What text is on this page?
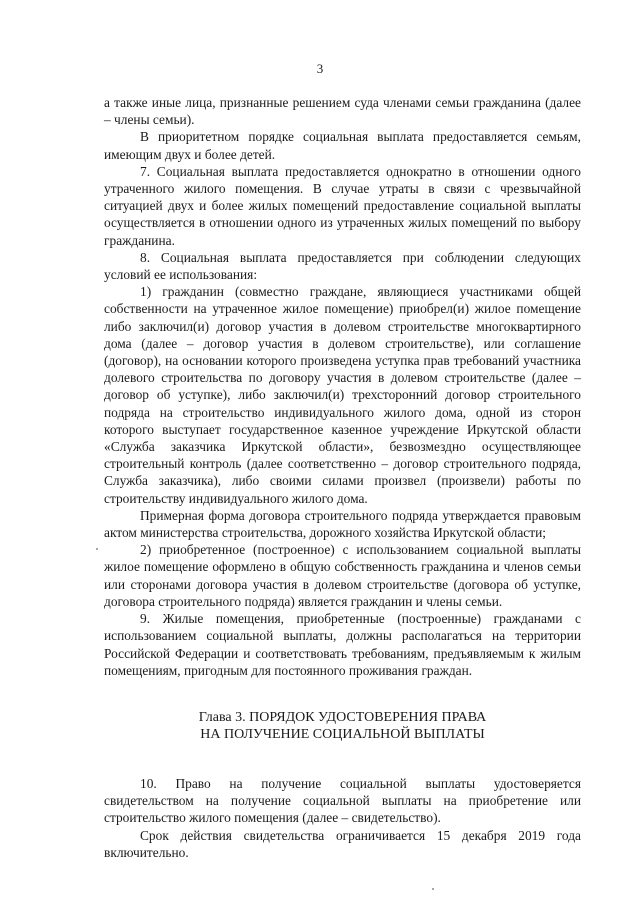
3

а также иные лица, признанные решением суда членами семьи гражданина (далее – члены семьи).

В приоритетном порядке социальная выплата предоставляется семьям, имеющим двух и более детей.

7. Социальная выплата предоставляется однократно в отношении одного утраченного жилого помещения. В случае утраты в связи с чрезвычайной ситуацией двух и более жилых помещений предоставление социальной выплаты осуществляется в отношении одного из утраченных жилых помещений по выбору гражданина.

8. Социальная выплата предоставляется при соблюдении следующих условий ее использования:

1) гражданин (совместно граждане, являющиеся участниками общей собственности на утраченное жилое помещение) приобрел(и) жилое помещение либо заключил(и) договор участия в долевом строительстве многоквартирного дома (далее – договор участия в долевом строительстве), или соглашение (договор), на основании которого произведена уступка прав требований участника долевого строительства по договору участия в долевом строительстве (далее – договор об уступке), либо заключил(и) трехсторонний договор строительного подряда на строительство индивидуального жилого дома, одной из сторон которого выступает государственное казенное учреждение Иркутской области «Служба заказчика Иркутской области», безвозмездно осуществляющее строительный контроль (далее соответственно – договор строительного подряда, Служба заказчика), либо своими силами произвел (произвели) работы по строительству индивидуального жилого дома.

Примерная форма договора строительного подряда утверждается правовым актом министерства строительства, дорожного хозяйства Иркутской области;

2) приобретенное (построенное) с использованием социальной выплаты жилое помещение оформлено в общую собственность гражданина и членов семьи или сторонами договора участия в долевом строительстве (договора об уступке, договора строительного подряда) является гражданин и члены семьи.

9. Жилые помещения, приобретенные (построенные) гражданами с использованием социальной выплаты, должны располагаться на территории Российской Федерации и соответствовать требованиям, предъявляемым к жилым помещениям, пригодным для постоянного проживания граждан.

Глава 3. ПОРЯДОК УДОСТОВЕРЕНИЯ ПРАВА

НА ПОЛУЧЕНИЕ СОЦИАЛЬНОЙ ВЫПЛАТЫ

10. Право на получение социальной выплаты удостоверяется свидетельством на получение социальной выплаты на приобретение или строительство жилого помещения (далее – свидетельство).

Срок действия свидетельства ограничивается 15 декабря 2019 года включительно.
